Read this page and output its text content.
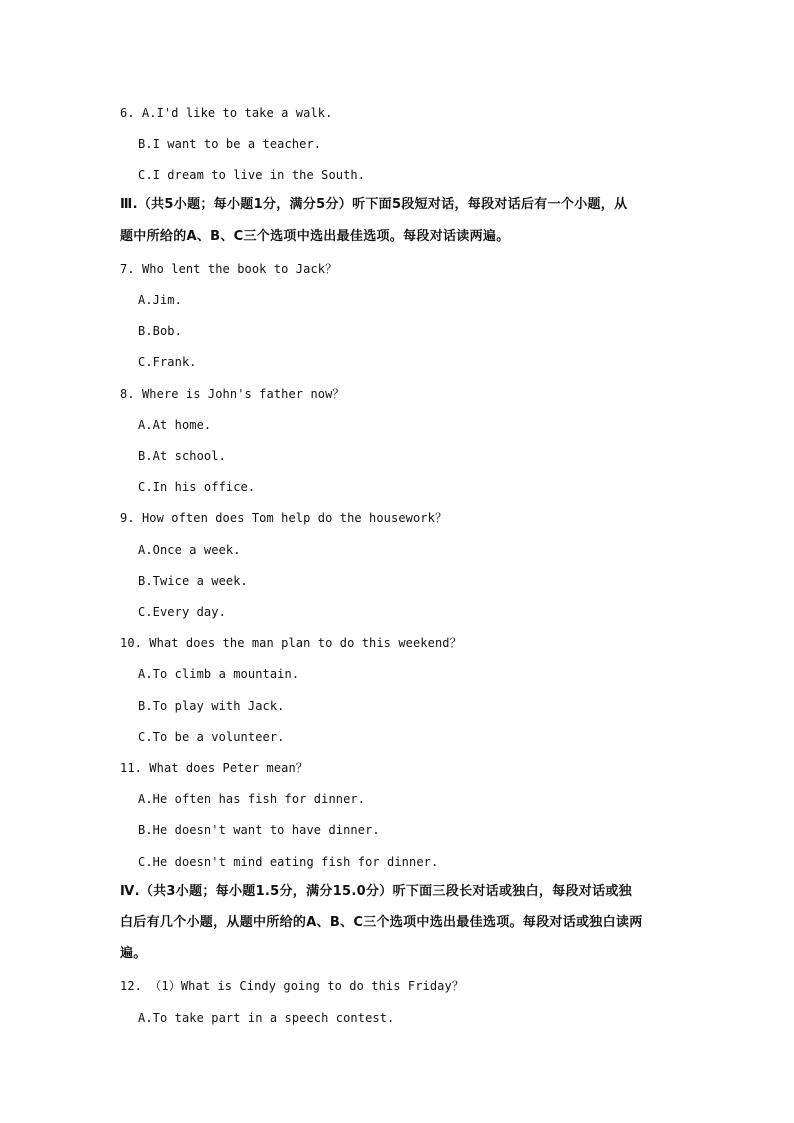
6. A.I'd like to take a walk.
B.I want to be a teacher.
C.I dream to live in the South.
Ⅲ.（共5小题；每小题1分，满分5分）听下面5段短对话，每段对话后有一个小题，从
题中所给的A、B、C三个选项中选出最佳选项。每段对话读两遍。
7. Who lent the book to Jack？
A.Jim.
B.Bob.
C.Frank.
8. Where is John's father now？
A.At home.
B.At school.
C.In his office.
9. How often does Tom help do the housework？
A.Once a week.
B.Twice a week.
C.Every day.
10. What does the man plan to do this weekend？
A.To climb a mountain.
B.To play with Jack.
C.To be a volunteer.
11. What does Peter mean？
A.He often has fish for dinner.
B.He doesn't want to have dinner.
C.He doesn't mind eating fish for dinner.
Ⅳ.（共3小题；每小题1.5分，满分15.0分）听下面三段长对话或独白，每段对话或独
白后有几个小题，从题中所给的A、B、C三个选项中选出最佳选项。每段对话或独白读两
遍。
12. （1）What is Cindy going to do this Friday？
A.To take part in a speech contest.
